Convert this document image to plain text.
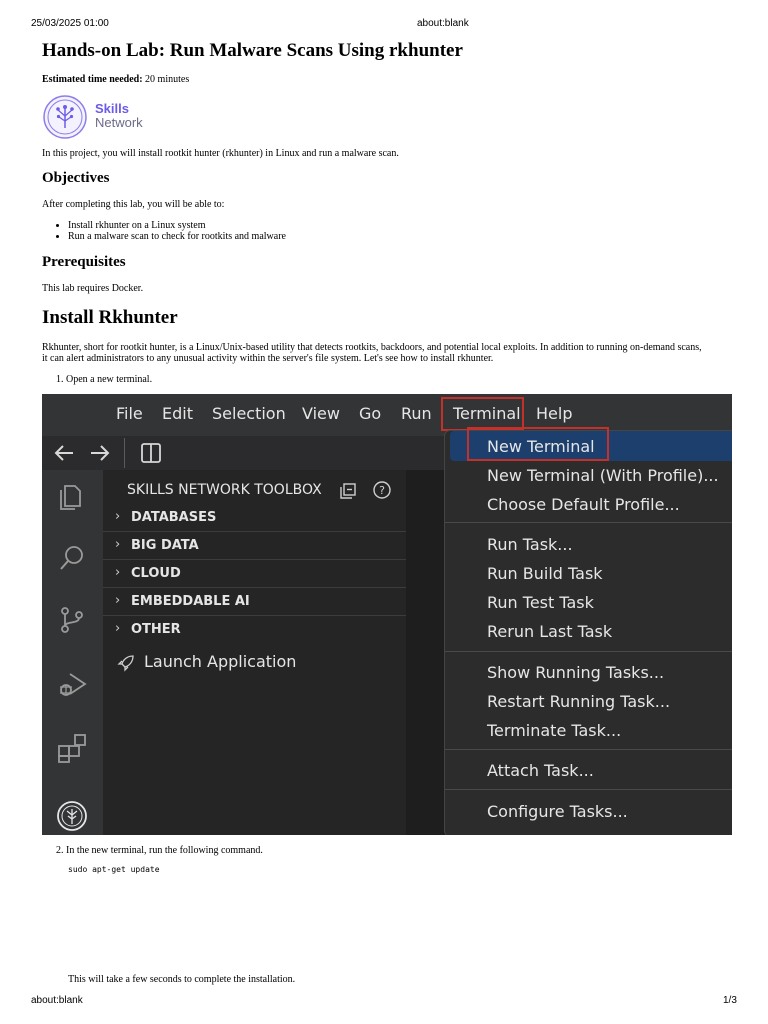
25/03/2025 01:00	about:blank
Hands-on Lab: Run Malware Scans Using rkhunter
Estimated time needed: 20 minutes
Skills
Network

In this project, you will install rootkit hunter (rkhunter) in Linux and run a malware scan.

Objectives

After completing this lab, you will be able to:

• Install rkhunter on a Linux system
• Run a malware scan to check for rootkits and malware
Prerequisites

This lab requires Docker.

Install Rkhunter

Rkhunter, short for rootkit hunter, is a Linux/Unix-based utility that detects rootkits, backdoors, and potential local exploits. In addition to running on-demand scans,

it can alert administrators to any unusual activity within the server's file system. Let's see how to install rkhunter.

1. Open a new terminal.
File Edit Selection View Go Run Terminal Help
SKILLS NETWORK TOOLBOX	?
› DATABASES
› BIG DATA
› CLOUD
› EMBEDDABLE AI
› OTHER
Launch Application
New Terminal
New Terminal (With Profile)...
Choose Default Profile...
Run Task...
Run Build Task
Run Test Task
Rerun Last Task
Show Running Tasks...
Restart Running Task...
Terminate Task...
Attach Task...
Configure Tasks...
2. In the new terminal, run the following command.
sudo apt-get update

This will take a few seconds to complete the installation.

about:blank	1/3
